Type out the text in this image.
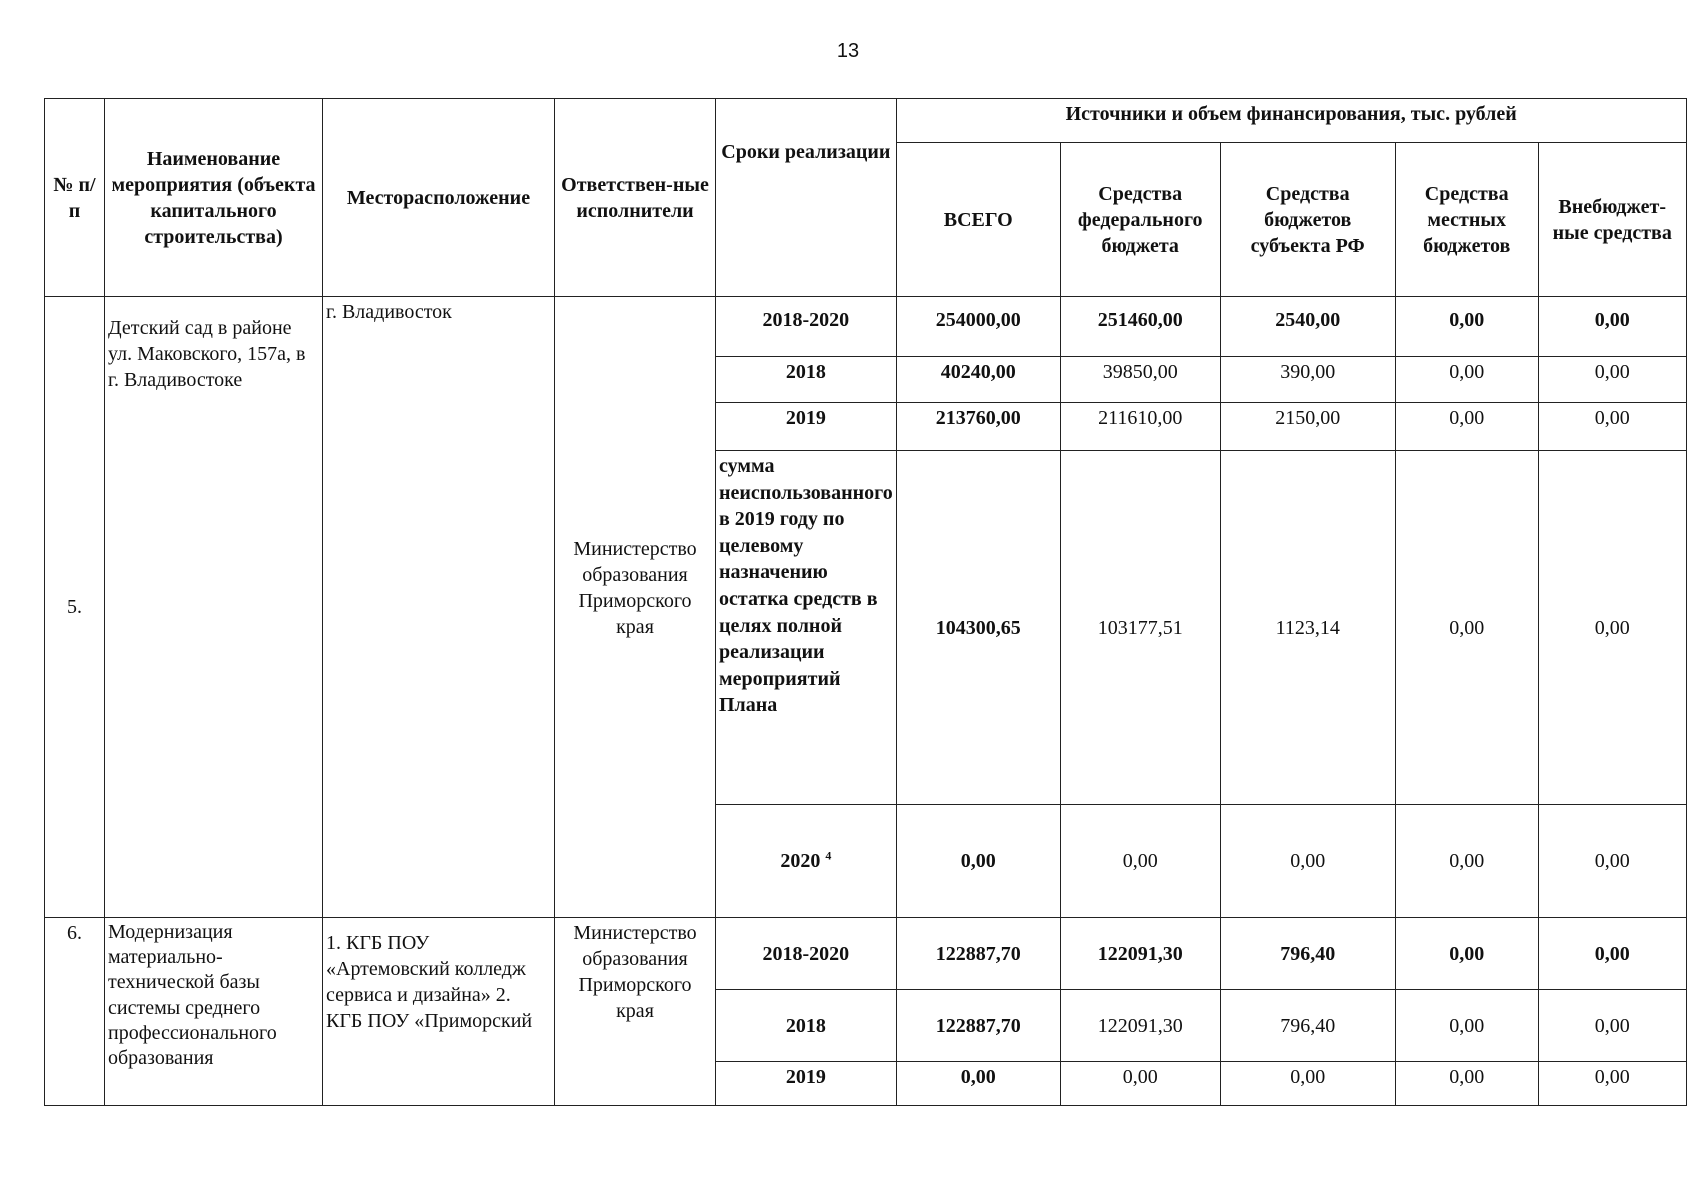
13
№ п/п	Наименование мероприятия (объекта капитального строительства)	Месторасположение	Ответствен-ные исполнители	Сроки реализации	Источники и объем финансирования, тыс. рублей				
					ВСЕГО	Средства федерального бюджета	Средства бюджетов субъекта РФ	Средства местных бюджетов	Внебюджет-ные средства
5.	Детский сад в районе ул. Маковского, 157а, в г. Владивостоке	г. Владивосток	Министерство образования Приморского края	2018-2020	254000,00	251460,00	2540,00	0,00	0,00
				2018	40240,00	39850,00	390,00	0,00	0,00
				2019	213760,00	211610,00	2150,00	0,00	0,00
				сумма неиспользованного в 2019 году по целевому назначению остатка средств в целях полной реализации мероприятий Плана	104300,65	103177,51	1123,14	0,00	0,00
				2020 $^4$	0,00	0,00	0,00	0,00	0,00
6.	Модернизация материально-технической базы системы среднего профессионального образования	1. КГБ ПОУ «Артемовский колледж сервиса и дизайна» 2. КГБ ПОУ «Приморский	Министерство образования Приморского края	2018-2020	122887,70	122091,30	796,40	0,00	0,00
				2018	122887,70	122091,30	796,40	0,00	0,00
				2019	0,00	0,00	0,00	0,00	0,00
